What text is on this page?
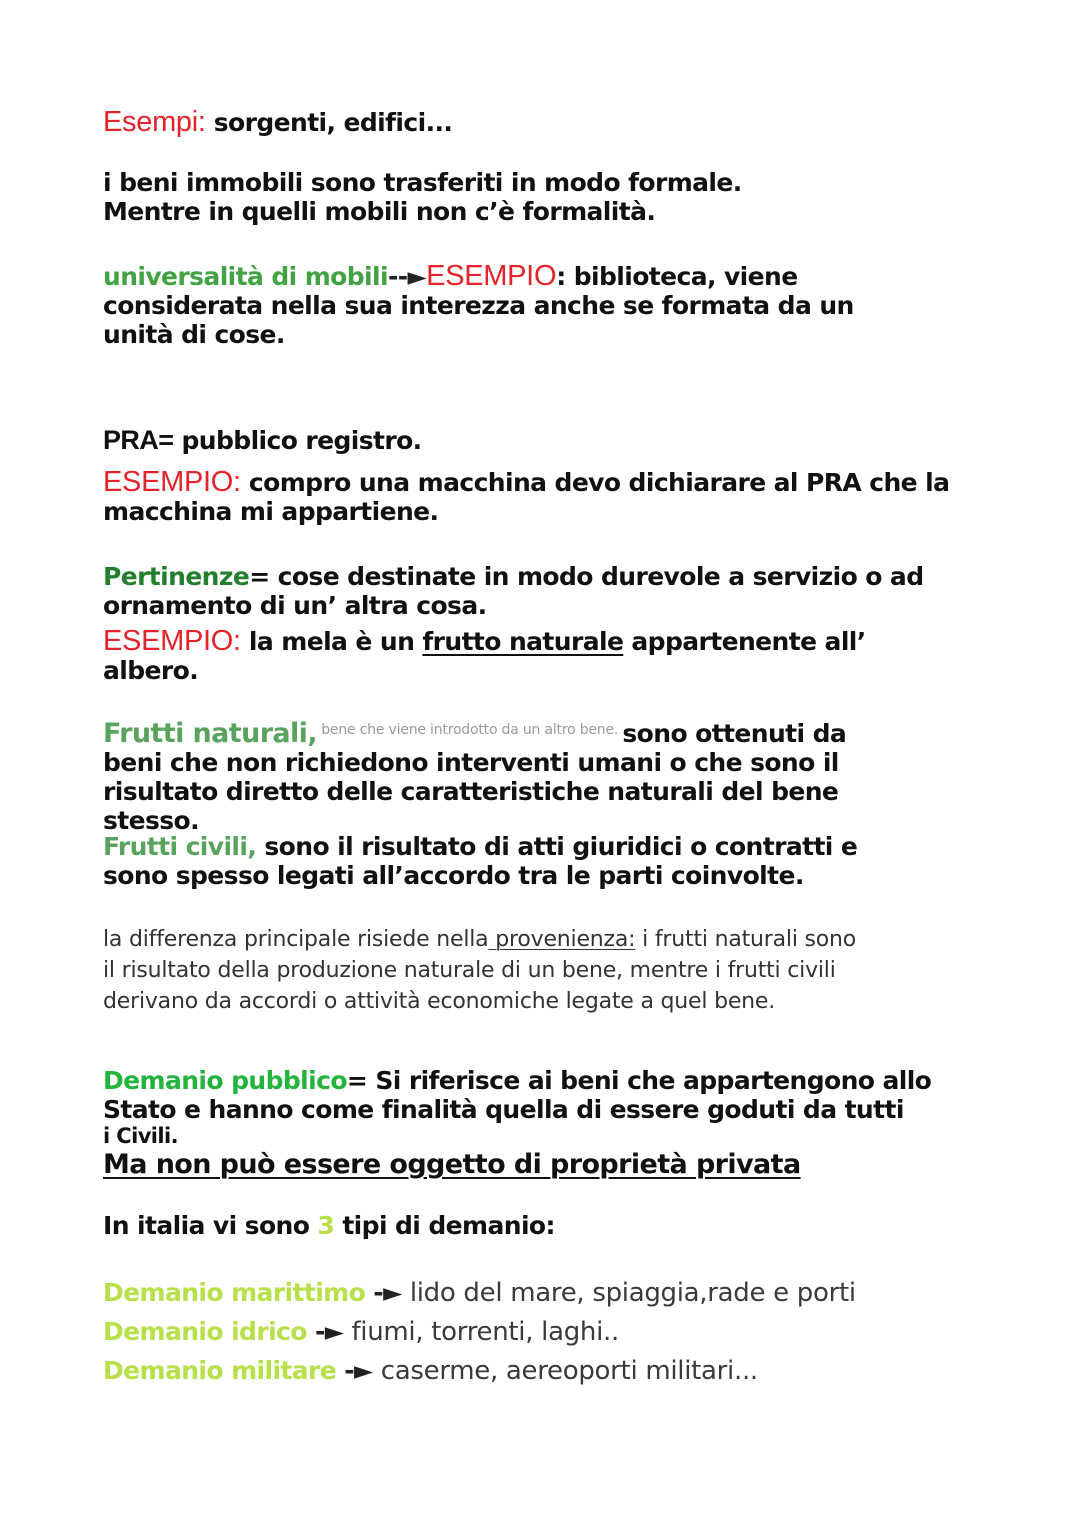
Esempi: sorgenti, edifici...
i beni immobili sono trasferiti in modo formale.
Mentre in quelli mobili non c’è formalità.
universalità di mobili--►ESEMPIO: biblioteca, viene
considerata nella sua interezza anche se formata da un
unità di cose.
PRA= pubblico registro.
ESEMPIO: compro una macchina devo dichiarare al PRA che la
macchina mi appartiene.
Pertinenze= cose destinate in modo durevole a servizio o ad
ornamento di un’ altra cosa.
ESEMPIO: la mela è un frutto naturale appartenente all’
albero.
Frutti naturali, $^{bene che viene introdotto da un altro bene.}$ sono ottenuti da
beni che non richiedono interventi umani o che sono il
risultato diretto delle caratteristiche naturali del bene
stesso.
Frutti civili, sono il risultato di atti giuridici o contratti e
sono spesso legati all’accordo tra le parti coinvolte.
la differenza principale risiede nella provenienza: i frutti naturali sono
il risultato della produzione naturale di un bene, mentre i frutti civili
derivano da accordi o attività economiche legate a quel bene.
Demanio pubblico= Si riferisce ai beni che appartengono allo
Stato e hanno come finalità quella di essere goduti da tutti
i Civili.
Ma non può essere oggetto di proprietà privata
In italia vi sono 3 tipi di demanio:
Demanio marittimo -► lido del mare, spiaggia,rade e porti
Demanio idrico -► fiumi, torrenti, laghi..
Demanio militare -► caserme, aereoporti militari...
